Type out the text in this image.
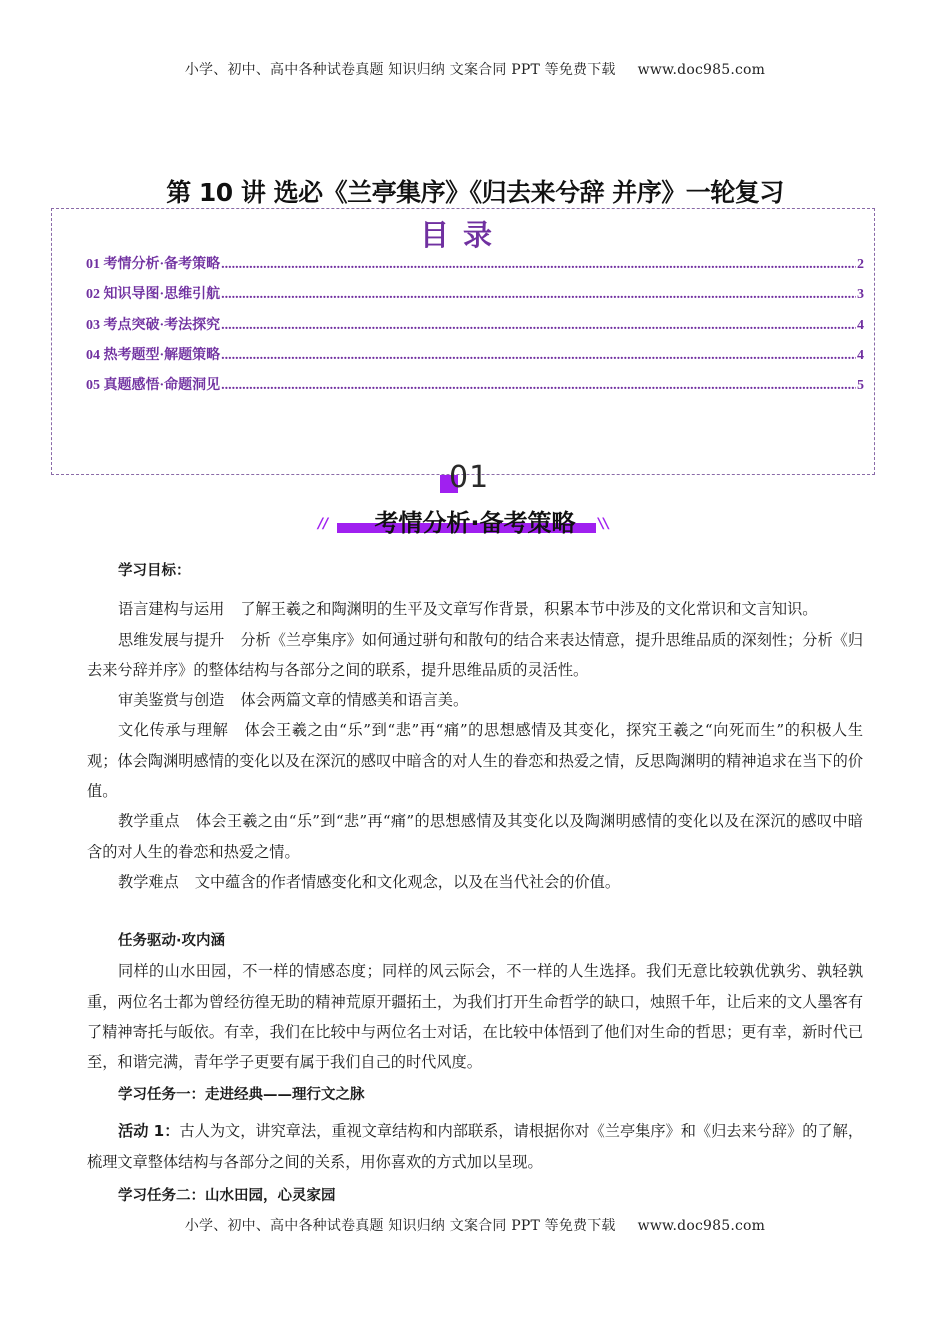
小学、初中、高中各种试卷真题 知识归纳 文案合同 PPT 等免费下载 www.doc985.com
第 10 讲 选必《兰亭集序》《归去来兮辞 并序》一轮复习
目录
01 考情分析·备考策略 .....	2
02 知识导图·思维引航 .....	3
03 考点突破·考法探究 .....	4
04 热考题型·解题策略 .....	4
05 真题感悟·命题洞见 .....	5
01
//	考情分析·备考策略	//

学习目标：

语言建构与运用 了解王羲之和陶渊明的生平及文章写作背景，积累本节中涉及的文化常识和文言知识。

思维发展与提升 分析《兰亭集序》如何通过骈句和散句的结合来表达情意，提升思维品质的深刻性；分析《归去来兮辞并序》的整体结构与各部分之间的联系，提升思维品质的灵活性。

审美鉴赏与创造 体会两篇文章的情感美和语言美。

文化传承与理解 体会王羲之由“乐”到“悲”再“痛”的思想感情及其变化，探究王羲之“向死而生”的积极人生观；体会陶渊明感情的变化以及在深沉的感叹中暗含的对人生的眷恋和热爱之情，反思陶渊明的精神追求在当下的价值。

教学重点 体会王羲之由“乐”到“悲”再“痛”的思想感情及其变化以及陶渊明感情的变化以及在深沉的感叹中暗含的对人生的眷恋和热爱之情。

教学难点 文中蕴含的作者情感变化和文化观念，以及在当代社会的价值。

任务驱动·攻内涵

同样的山水田园，不一样的情感态度；同样的风云际会，不一样的人生选择。我们无意比较孰优孰劣、孰轻孰重，两位名士都为曾经彷徨无助的精神荒原开疆拓土，为我们打开生命哲学的缺口，烛照千年，让后来的文人墨客有了精神寄托与皈依。有幸，我们在比较中与两位名士对话，在比较中体悟到了他们对生命的哲思；更有幸，新时代已至，和谐完满，青年学子更要有属于我们自己的时代风度。

学习任务一：走进经典——理行文之脉

活动 1：古人为文，讲究章法，重视文章结构和内部联系，请根据你对《兰亭集序》和《归去来兮辞》的了解，梳理文章整体结构与各部分之间的关系，用你喜欢的方式加以呈现。

学习任务二：山水田园，心灵家园

小学、初中、高中各种试卷真题 知识归纳 文案合同 PPT 等免费下载 www.doc985.com
